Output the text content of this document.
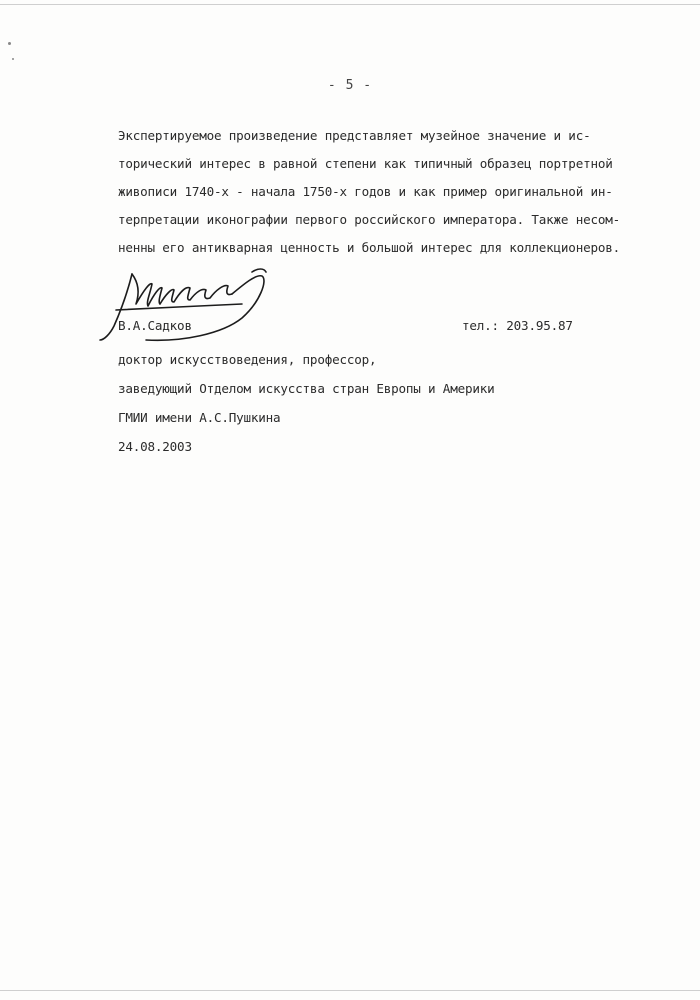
- 5 -
Экспертируемое произведение представляет музейное значение и ис-
торический интерес в равной степени как типичный образец портретной
живописи 1740-х - начала 1750-х годов и как пример оригинальной ин-
терпретации иконографии первого российского императора. Также несом-
ненны его антикварная ценность и большой интерес для коллекционеров.
В.А.Садков	тел.: 203.95.87
доктор искусствоведения, профессор,
заведующий Отделом искусства стран Европы и Америки
ГМИИ имени А.С.Пушкина
24.08.2003
